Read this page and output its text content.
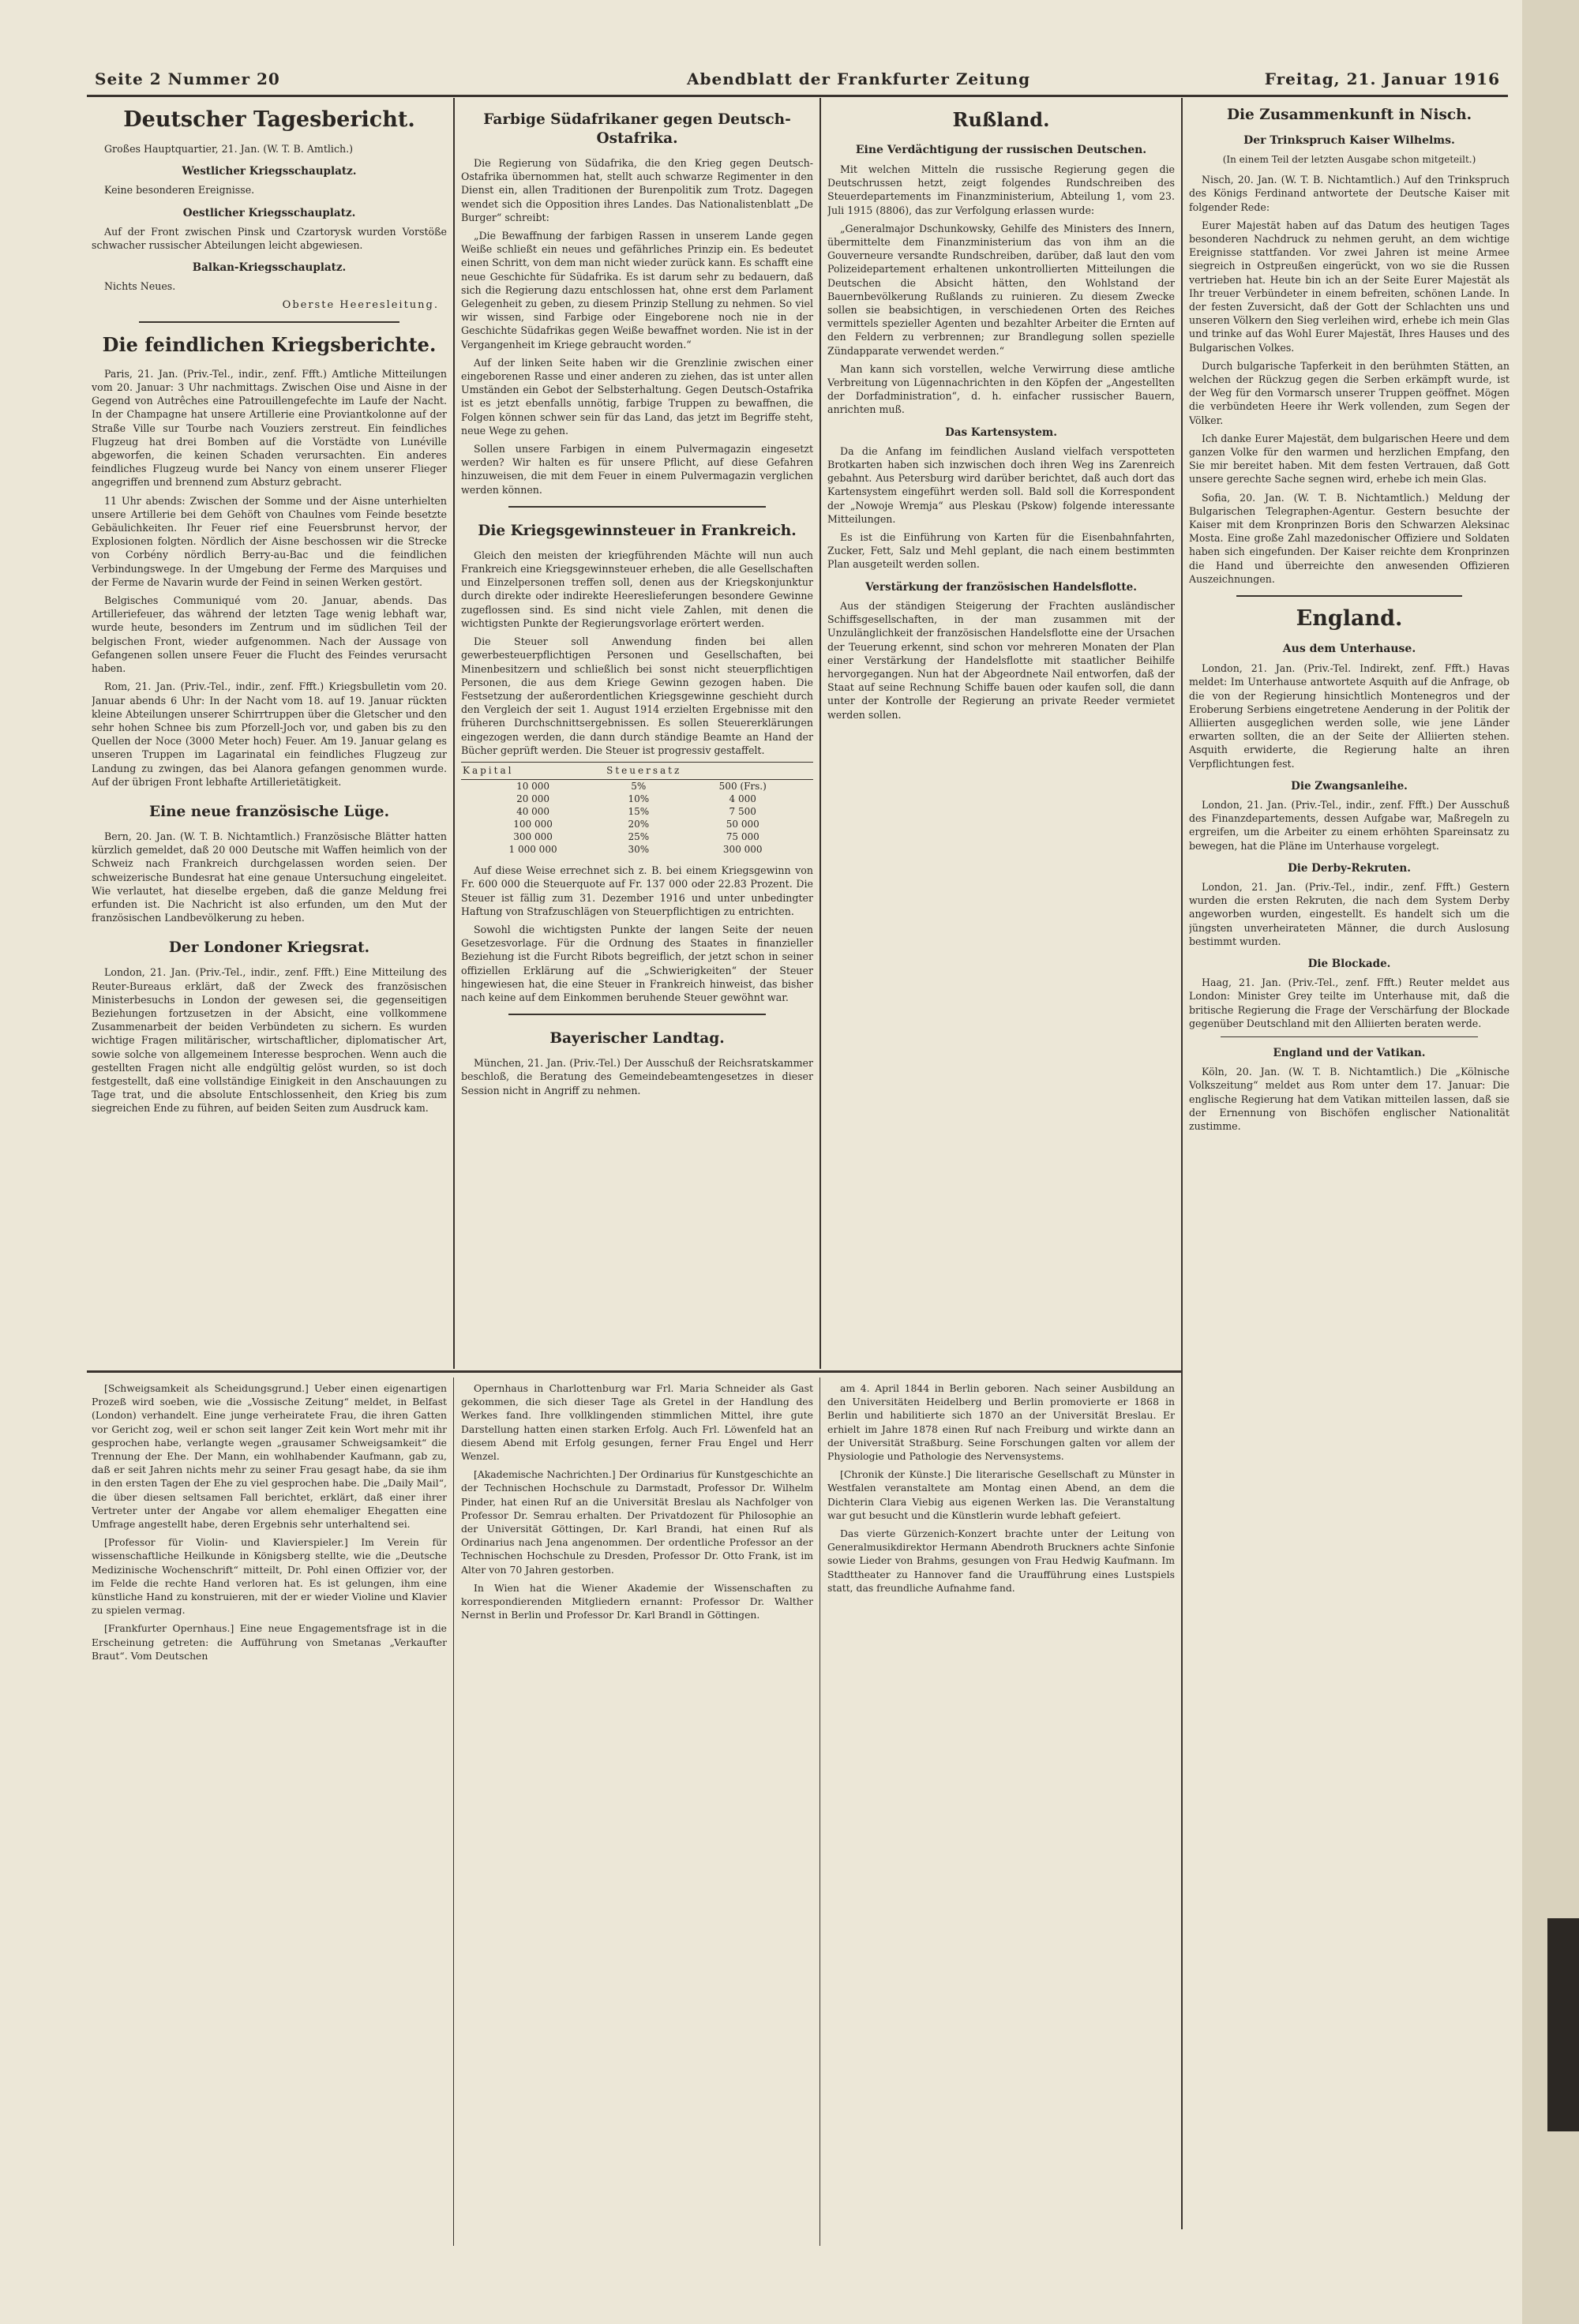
Seite 2 Nummer 20	Abendblatt der Frankfurter Zeitung	Freitag, 21. Januar 1916
Deutscher Tagesbericht.

Großes Hauptquartier, 21. Jan. (W. T. B. Amtlich.)

Westlicher Kriegsschauplatz.

Keine besonderen Ereignisse.

Oestlicher Kriegsschauplatz.

Auf der Front zwischen Pinsk und Czartorysk wurden Vorstöße schwacher russischer Abteilungen leicht abgewiesen.

Balkan-Kriegsschauplatz.

Nichts Neues.

Oberste Heeresleitung.
Die feindlichen Kriegsberichte.

Paris, 21. Jan. (Priv.-Tel., indir., zenf. Ffft.) Amtliche Mitteilungen vom 20. Januar: 3 Uhr nachmittags. Zwischen Oise und Aisne in der Gegend von Autrêches eine Patrouillengefechte im Laufe der Nacht. In der Champagne hat unsere Artillerie eine Proviantkolonne auf der Straße Ville sur Tourbe nach Vouziers zerstreut. Ein feindliches Flugzeug hat drei Bomben auf die Vorstädte von Lunéville abgeworfen, die keinen Schaden verursachten. Ein anderes feindliches Flugzeug wurde bei Nancy von einem unserer Flieger angegriffen und brennend zum Absturz gebracht.

11 Uhr abends: Zwischen der Somme und der Aisne unterhielten unsere Artillerie bei dem Gehöft von Chaulnes vom Feinde besetzte Gebäulichkeiten. Ihr Feuer rief eine Feuersbrunst hervor, der Explosionen folgten. Nördlich der Aisne beschossen wir die Strecke von Corbény nördlich Berry-au-Bac und die feindlichen Verbindungswege. In der Umgebung der Ferme des Marquises und der Ferme de Navarin wurde der Feind in seinen Werken gestört.

Belgisches Communiqué vom 20. Januar, abends. Das Artilleriefeuer, das während der letzten Tage wenig lebhaft war, wurde heute, besonders im Zentrum und im südlichen Teil der belgischen Front, wieder aufgenommen. Nach der Aussage von Gefangenen sollen unsere Feuer die Flucht des Feindes verursacht haben.

Rom, 21. Jan. (Priv.-Tel., indir., zenf. Ffft.) Kriegsbulletin vom 20. Januar abends 6 Uhr: In der Nacht vom 18. auf 19. Januar rückten kleine Abteilungen unserer Schirrtruppen über die Gletscher und den sehr hohen Schnee bis zum Pforzell-Joch vor, und gaben bis zu den Quellen der Noce (3000 Meter hoch) Feuer. Am 19. Januar gelang es unseren Truppen im Lagarinatal ein feindliches Flugzeug zur Landung zu zwingen, das bei Alanora gefangen genommen wurde. Auf der übrigen Front lebhafte Artillerietätigkeit.

Eine neue französische Lüge.

Bern, 20. Jan. (W. T. B. Nichtamtlich.) Französische Blätter hatten kürzlich gemeldet, daß 20 000 Deutsche mit Waffen heimlich von der Schweiz nach Frankreich durchgelassen worden seien. Der schweizerische Bundesrat hat eine genaue Untersuchung eingeleitet. Wie verlautet, hat dieselbe ergeben, daß die ganze Meldung frei erfunden ist. Die Nachricht ist also erfunden, um den Mut der französischen Landbevölkerung zu heben.

Der Londoner Kriegsrat.

London, 21. Jan. (Priv.-Tel., indir., zenf. Ffft.) Eine Mitteilung des Reuter-Bureaus erklärt, daß der Zweck des französischen Ministerbesuchs in London der gewesen sei, die gegenseitigen Beziehungen fortzusetzen in der Absicht, eine vollkommene Zusammenarbeit der beiden Verbündeten zu sichern. Es wurden wichtige Fragen militärischer, wirtschaftlicher, diplomatischer Art, sowie solche von allgemeinem Interesse besprochen. Wenn auch die gestellten Fragen nicht alle endgültig gelöst wurden, so ist doch festgestellt, daß eine vollständige Einigkeit in den Anschauungen zu Tage trat, und die absolute Entschlossenheit, den Krieg bis zum siegreichen Ende zu führen, auf beiden Seiten zum Ausdruck kam.

Farbige Südafrikaner gegen Deutsch-Ostafrika.

Die Regierung von Südafrika, die den Krieg gegen Deutsch-Ostafrika übernommen hat, stellt auch schwarze Regimenter in den Dienst ein, allen Traditionen der Burenpolitik zum Trotz. Dagegen wendet sich die Opposition ihres Landes. Das Nationalistenblatt „De Burger“ schreibt:

„Die Bewaffnung der farbigen Rassen in unserem Lande gegen Weiße schließt ein neues und gefährliches Prinzip ein. Es bedeutet einen Schritt, von dem man nicht wieder zurück kann. Es schafft eine neue Geschichte für Südafrika. Es ist darum sehr zu bedauern, daß sich die Regierung dazu entschlossen hat, ohne erst dem Parlament Gelegenheit zu geben, zu diesem Prinzip Stellung zu nehmen. So viel wir wissen, sind Farbige oder Eingeborene noch nie in der Geschichte Südafrikas gegen Weiße bewaffnet worden. Nie ist in der Vergangenheit im Kriege gebraucht worden.“

Auf der linken Seite haben wir die Grenzlinie zwischen einer eingeborenen Rasse und einer anderen zu ziehen, das ist unter allen Umständen ein Gebot der Selbsterhaltung. Gegen Deutsch-Ostafrika ist es jetzt ebenfalls unnötig, farbige Truppen zu bewaffnen, die Folgen können schwer sein für das Land, das jetzt im Begriffe steht, neue Wege zu gehen.

Sollen unsere Farbigen in einem Pulvermagazin eingesetzt werden? Wir halten es für unsere Pflicht, auf diese Gefahren hinzuweisen, die mit dem Feuer in einem Pulvermagazin verglichen werden können.

Die Kriegsgewinnsteuer in Frankreich.

Gleich den meisten der kriegführenden Mächte will nun auch Frankreich eine Kriegsgewinnsteuer erheben, die alle Gesellschaften und Einzelpersonen treffen soll, denen aus der Kriegskonjunktur durch direkte oder indirekte Heereslieferungen besondere Gewinne zugeflossen sind. Es sind nicht viele Zahlen, mit denen die wichtigsten Punkte der Regierungsvorlage erörtert werden.

Die Steuer soll Anwendung finden bei allen gewerbesteuerpflichtigen Personen und Gesellschaften, bei Minenbesitzern und schließlich bei sonst nicht steuerpflichtigen Personen, die aus dem Kriege Gewinn gezogen haben. Die Festsetzung der außerordentlichen Kriegsgewinne geschieht durch den Vergleich der seit 1. August 1914 erzielten Ergebnisse mit den früheren Durchschnittsergebnissen. Es sollen Steuererklärungen eingezogen werden, die dann durch ständige Beamte an Hand der Bücher geprüft werden. Die Steuer ist progressiv gestaffelt.

Kapital	Steuersatz	
10 000	5%	500 (Frs.)
20 000	10%	4 000
40 000	15%	7 500
100 000	20%	50 000
300 000	25%	75 000
1 000 000	30%	300 000

Auf diese Weise errechnet sich z. B. bei einem Kriegsgewinn von Fr. 600 000 die Steuerquote auf Fr. 137 000 oder 22.83 Prozent. Die Steuer ist fällig zum 31. Dezember 1916 und unter unbedingter Haftung von Strafzuschlägen von Steuerpflichtigen zu entrichten.

Sowohl die wichtigsten Punkte der langen Seite der neuen Gesetzesvorlage. Für die Ordnung des Staates in finanzieller Beziehung ist die Furcht Ribots begreiflich, der jetzt schon in seiner offiziellen Erklärung auf die „Schwierigkeiten“ der Steuer hingewiesen hat, die eine Steuer in Frankreich hinweist, das bisher nach keine auf dem Einkommen beruhende Steuer gewöhnt war.

Bayerischer Landtag.

München, 21. Jan. (Priv.-Tel.) Der Ausschuß der Reichsratskammer beschloß, die Beratung des Gemeindebeamtengesetzes in dieser Session nicht in Angriff zu nehmen.

Rußland.
Eine Verdächtigung der russischen Deutschen.

Mit welchen Mitteln die russische Regierung gegen die Deutschrussen hetzt, zeigt folgendes Rundschreiben des Steuerdepartements im Finanzministerium, Abteilung 1, vom 23. Juli 1915 (8806), das zur Verfolgung erlassen wurde:

„Generalmajor Dschunkowsky, Gehilfe des Ministers des Innern, übermittelte dem Finanzministerium das von ihm an die Gouverneure versandte Rundschreiben, darüber, daß laut den vom Polizeidepartement erhaltenen unkontrollierten Mitteilungen die Deutschen die Absicht hätten, den Wohlstand der Bauernbevölkerung Rußlands zu ruinieren. Zu diesem Zwecke sollen sie beabsichtigen, in verschiedenen Orten des Reiches vermittels spezieller Agenten und bezahlter Arbeiter die Ernten auf den Feldern zu verbrennen; zur Brandlegung sollen spezielle Zündapparate verwendet werden.“

Man kann sich vorstellen, welche Verwirrung diese amtliche Verbreitung von Lügennachrichten in den Köpfen der „Angestellten der Dorfadministration“, d. h. einfacher russischer Bauern, anrichten muß.

Das Kartensystem.

Da die Anfang im feindlichen Ausland vielfach verspotteten Brotkarten haben sich inzwischen doch ihren Weg ins Zarenreich gebahnt. Aus Petersburg wird darüber berichtet, daß auch dort das Kartensystem eingeführt werden soll. Bald soll die Korrespondent der „Nowoje Wremja“ aus Pleskau (Pskow) folgende interessante Mitteilungen.

Es ist die Einführung von Karten für die Eisenbahnfahrten, Zucker, Fett, Salz und Mehl geplant, die nach einem bestimmten Plan ausgeteilt werden sollen.

Verstärkung der französischen Handelsflotte.

Aus der ständigen Steigerung der Frachten ausländischer Schiffsgesellschaften, in der man zusammen mit der Unzulänglichkeit der französischen Handelsflotte eine der Ursachen der Teuerung erkennt, sind schon vor mehreren Monaten der Plan einer Verstärkung der Handelsflotte mit staatlicher Beihilfe hervorgegangen. Nun hat der Abgeordnete Nail entworfen, daß der Staat auf seine Rechnung Schiffe bauen oder kaufen soll, die dann unter der Kontrolle der Regierung an private Reeder vermietet werden sollen.

Die Zusammenkunft in Nisch.
Der Trinkspruch Kaiser Wilhelms.
(In einem Teil der letzten Ausgabe schon mitgeteilt.)

Nisch, 20. Jan. (W. T. B. Nichtamtlich.) Auf den Trinkspruch des Königs Ferdinand antwortete der Deutsche Kaiser mit folgender Rede:

Eurer Majestät haben auf das Datum des heutigen Tages besonderen Nachdruck zu nehmen geruht, an dem wichtige Ereignisse stattfanden. Vor zwei Jahren ist meine Armee siegreich in Ostpreußen eingerückt, von wo sie die Russen vertrieben hat. Heute bin ich an der Seite Eurer Majestät als Ihr treuer Verbündeter in einem befreiten, schönen Lande. In der festen Zuversicht, daß der Gott der Schlachten uns und unseren Völkern den Sieg verleihen wird, erhebe ich mein Glas und trinke auf das Wohl Eurer Majestät, Ihres Hauses und des Bulgarischen Volkes.

Durch bulgarische Tapferkeit in den berühmten Stätten, an welchen der Rückzug gegen die Serben erkämpft wurde, ist der Weg für den Vormarsch unserer Truppen geöffnet. Mögen die verbündeten Heere ihr Werk vollenden, zum Segen der Völker.

Ich danke Eurer Majestät, dem bulgarischen Heere und dem ganzen Volke für den warmen und herzlichen Empfang, den Sie mir bereitet haben. Mit dem festen Vertrauen, daß Gott unsere gerechte Sache segnen wird, erhebe ich mein Glas.

Sofia, 20. Jan. (W. T. B. Nichtamtlich.) Meldung der Bulgarischen Telegraphen-Agentur. Gestern besuchte der Kaiser mit dem Kronprinzen Boris den Schwarzen Aleksinac Mosta. Eine große Zahl mazedonischer Offiziere und Soldaten haben sich eingefunden. Der Kaiser reichte dem Kronprinzen die Hand und überreichte den anwesenden Offizieren Auszeichnungen.

England.
Aus dem Unterhause.

London, 21. Jan. (Priv.-Tel. Indirekt, zenf. Ffft.) Havas meldet: Im Unterhause antwortete Asquith auf die Anfrage, ob die von der Regierung hinsichtlich Montenegros und der Eroberung Serbiens eingetretene Aenderung in der Politik der Alliierten ausgeglichen werden solle, wie jene Länder erwarten sollten, die an der Seite der Alliierten stehen. Asquith erwiderte, die Regierung halte an ihren Verpflichtungen fest.

Die Zwangsanleihe.

London, 21. Jan. (Priv.-Tel., indir., zenf. Ffft.) Der Ausschuß des Finanzdepartements, dessen Aufgabe war, Maßregeln zu ergreifen, um die Arbeiter zu einem erhöhten Spareinsatz zu bewegen, hat die Pläne im Unterhause vorgelegt.

Die Derby-Rekruten.

London, 21. Jan. (Priv.-Tel., indir., zenf. Ffft.) Gestern wurden die ersten Rekruten, die nach dem System Derby angeworben wurden, eingestellt. Es handelt sich um die jüngsten unverheirateten Männer, die durch Auslosung bestimmt wurden.

Die Blockade.

Haag, 21. Jan. (Priv.-Tel., zenf. Ffft.) Reuter meldet aus London: Minister Grey teilte im Unterhause mit, daß die britische Regierung die Frage der Verschärfung der Blockade gegenüber Deutschland mit den Alliierten beraten werde.

England und der Vatikan.

Köln, 20. Jan. (W. T. B. Nichtamtlich.) Die „Kölnische Volkszeitung“ meldet aus Rom unter dem 17. Januar: Die englische Regierung hat dem Vatikan mitteilen lassen, daß sie der Ernennung von Bischöfen englischer Nationalität zustimme.

[Schweigsamkeit als Scheidungsgrund.] Ueber einen eigenartigen Prozeß wird soeben, wie die „Vossische Zeitung“ meldet, in Belfast (London) verhandelt. Eine junge verheiratete Frau, die ihren Gatten vor Gericht zog, weil er schon seit langer Zeit kein Wort mehr mit ihr gesprochen habe, verlangte wegen „grausamer Schweigsamkeit“ die Trennung der Ehe. Der Mann, ein wohlhabender Kaufmann, gab zu, daß er seit Jahren nichts mehr zu seiner Frau gesagt habe, da sie ihm in den ersten Tagen der Ehe zu viel gesprochen habe. Die „Daily Mail“, die über diesen seltsamen Fall berichtet, erklärt, daß einer ihrer Vertreter unter der Angabe vor allem ehemaliger Ehegatten eine Umfrage angestellt habe, deren Ergebnis sehr unterhaltend sei.

[Professor für Violin- und Klavierspieler.] Im Verein für wissenschaftliche Heilkunde in Königsberg stellte, wie die „Deutsche Medizinische Wochenschrift“ mitteilt, Dr. Pohl einen Offizier vor, der im Felde die rechte Hand verloren hat. Es ist gelungen, ihm eine künstliche Hand zu konstruieren, mit der er wieder Violine und Klavier zu spielen vermag.

[Frankfurter Opernhaus.] Eine neue Engagementsfrage ist in die Erscheinung getreten: die Aufführung von Smetanas „Verkaufter Braut“. Vom Deutschen

Opernhaus in Charlottenburg war Frl. Maria Schneider als Gast gekommen, die sich dieser Tage als Gretel in der Handlung des Werkes fand. Ihre vollklingenden stimmlichen Mittel, ihre gute Darstellung hatten einen starken Erfolg. Auch Frl. Löwenfeld hat an diesem Abend mit Erfolg gesungen, ferner Frau Engel und Herr Wenzel.

[Akademische Nachrichten.] Der Ordinarius für Kunstgeschichte an der Technischen Hochschule zu Darmstadt, Professor Dr. Wilhelm Pinder, hat einen Ruf an die Universität Breslau als Nachfolger von Professor Dr. Semrau erhalten. Der Privatdozent für Philosophie an der Universität Göttingen, Dr. Karl Brandi, hat einen Ruf als Ordinarius nach Jena angenommen. Der ordentliche Professor an der Technischen Hochschule zu Dresden, Professor Dr. Otto Frank, ist im Alter von 70 Jahren gestorben.

In Wien hat die Wiener Akademie der Wissenschaften zu korrespondierenden Mitgliedern ernannt: Professor Dr. Walther Nernst in Berlin und Professor Dr. Karl Brandl in Göttingen.

am 4. April 1844 in Berlin geboren. Nach seiner Ausbildung an den Universitäten Heidelberg und Berlin promovierte er 1868 in Berlin und habilitierte sich 1870 an der Universität Breslau. Er erhielt im Jahre 1878 einen Ruf nach Freiburg und wirkte dann an der Universität Straßburg. Seine Forschungen galten vor allem der Physiologie und Pathologie des Nervensystems.

[Chronik der Künste.] Die literarische Gesellschaft zu Münster in Westfalen veranstaltete am Montag einen Abend, an dem die Dichterin Clara Viebig aus eigenen Werken las. Die Veranstaltung war gut besucht und die Künstlerin wurde lebhaft gefeiert.

Das vierte Gürzenich-Konzert brachte unter der Leitung von Generalmusikdirektor Hermann Abendroth Bruckners achte Sinfonie sowie Lieder von Brahms, gesungen von Frau Hedwig Kaufmann. Im Stadttheater zu Hannover fand die Uraufführung eines Lustspiels statt, das freundliche Aufnahme fand.
